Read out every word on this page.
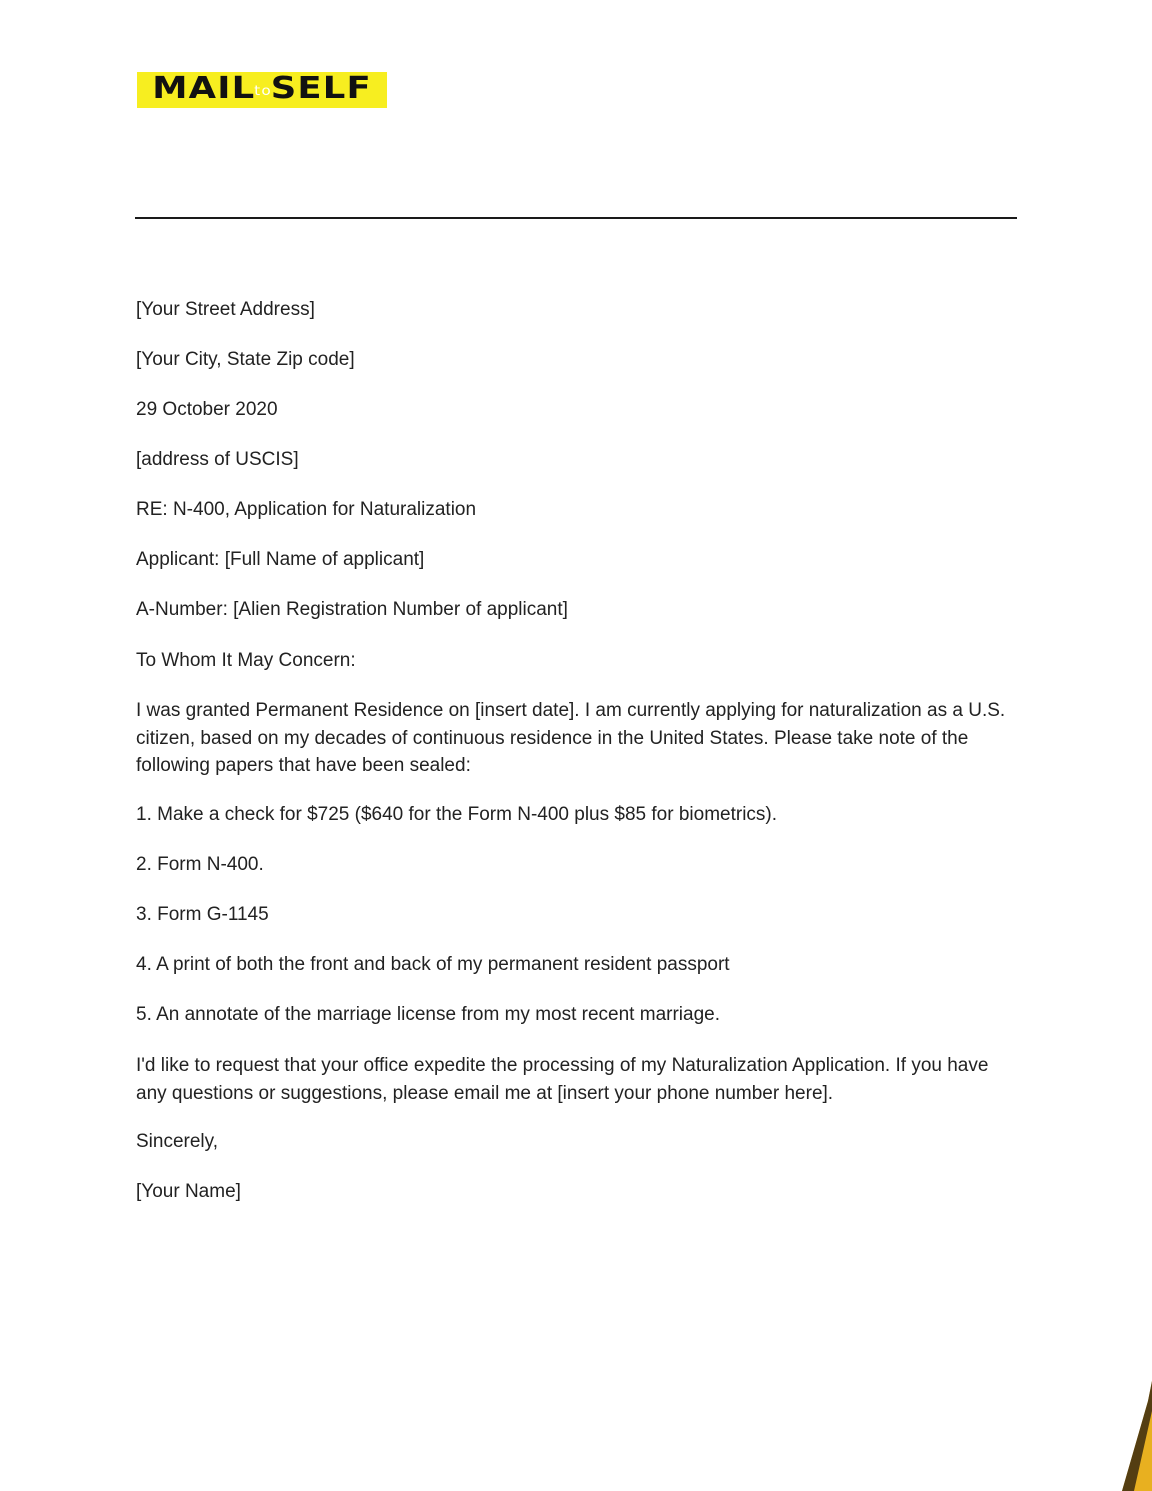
MAILtoSELF
[Your Street Address]
[Your City, State Zip code]
29 October 2020
[address of USCIS]
RE: N-400, Application for Naturalization
Applicant: [Full Name of applicant]
A-Number: [Alien Registration Number of applicant]
To Whom It May Concern:
I was granted Permanent Residence on [insert date]. I am currently applying for naturalization as a U.S. citizen, based on my decades of continuous residence in the United States. Please take note of the following papers that have been sealed:
1. Make a check for $725 ($640 for the Form N-400 plus $85 for biometrics).
2. Form N-400.
3. Form G-1145
4. A print of both the front and back of my permanent resident passport
5. An annotate of the marriage license from my most recent marriage.
I'd like to request that your office expedite the processing of my Naturalization Application. If you have any questions or suggestions, please email me at [insert your phone number here].
Sincerely,
[Your Name]
